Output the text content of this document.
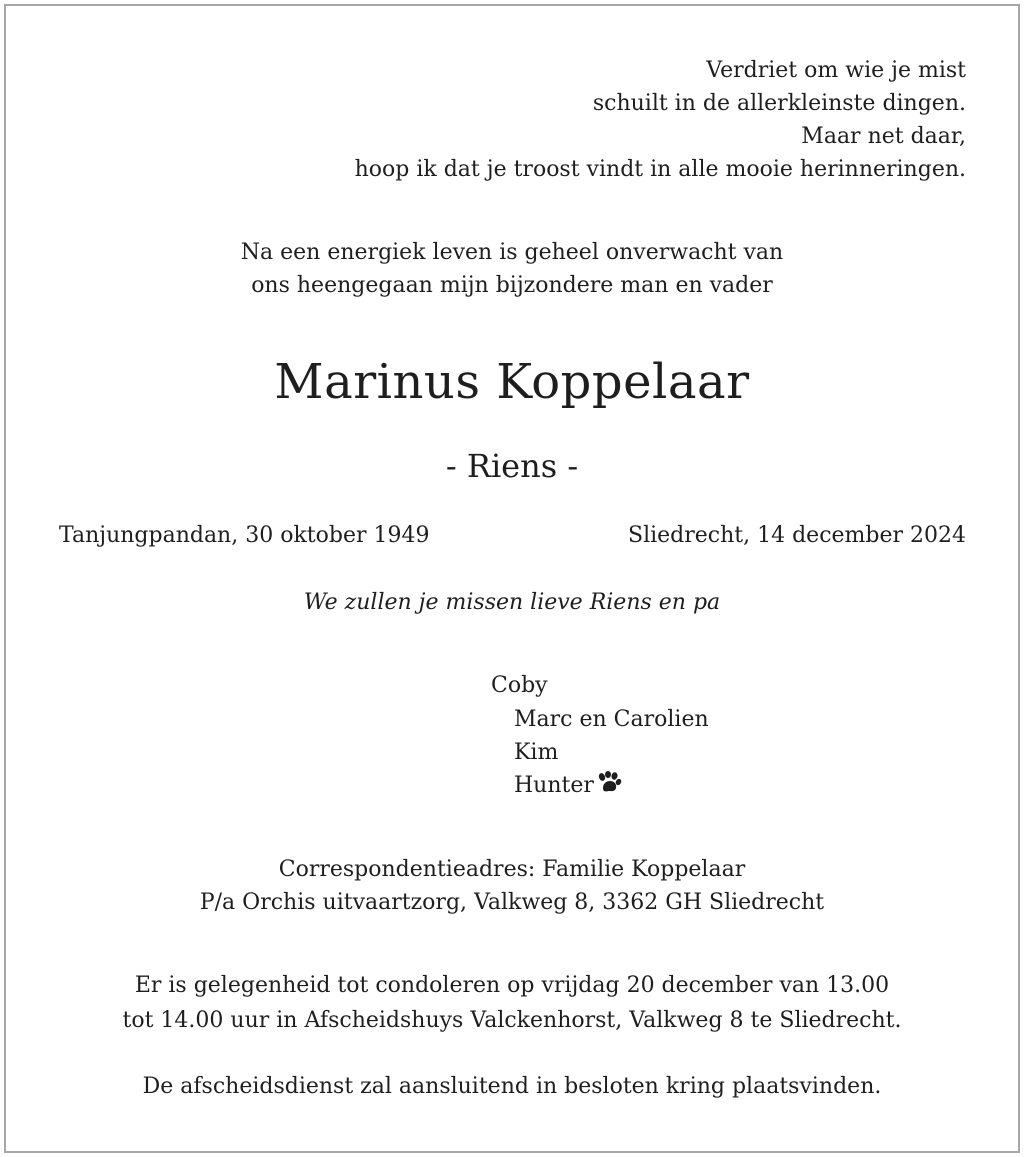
Verdriet om wie je mist
schuilt in de allerkleinste dingen.
Maar net daar,
hoop ik dat je troost vindt in alle mooie herinneringen.
Na een energiek leven is geheel onverwacht van
ons heengegaan mijn bijzondere man en vader
Marinus Koppelaar
- Riens -
Tanjungpandan, 30 oktober 1949	Sliedrecht, 14 december 2024
We zullen je missen lieve Riens en pa
Coby
Marc en Carolien
Kim
Hunter
Correspondentieadres: Familie Koppelaar
P/a Orchis uitvaartzorg, Valkweg 8, 3362 GH Sliedrecht
Er is gelegenheid tot condoleren op vrijdag 20 december van 13.00
tot 14.00 uur in Afscheidshuys Valckenhorst, Valkweg 8 te Sliedrecht.
De afscheidsdienst zal aansluitend in besloten kring plaatsvinden.
